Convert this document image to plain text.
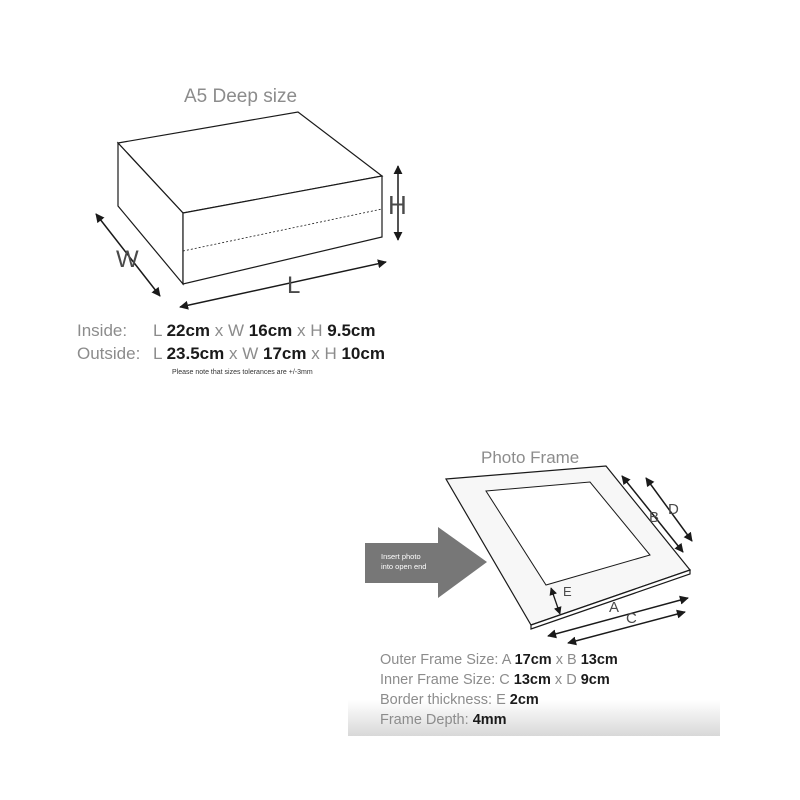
A5 Deep size
H
W
L
Inside: L 22cm x W 16cm x H 9.5cm
Outside: L 23.5cm x W 17cm x H 10cm
Please note that sizes tolerances are +/-3mm
Photo Frame
Insert photo
into open end
B D
A
C
E
Outer Frame Size: A 17cm x B 13cm
Inner Frame Size: C 13cm x D 9cm
Border thickness: E 2cm
Frame Depth: 4mm
